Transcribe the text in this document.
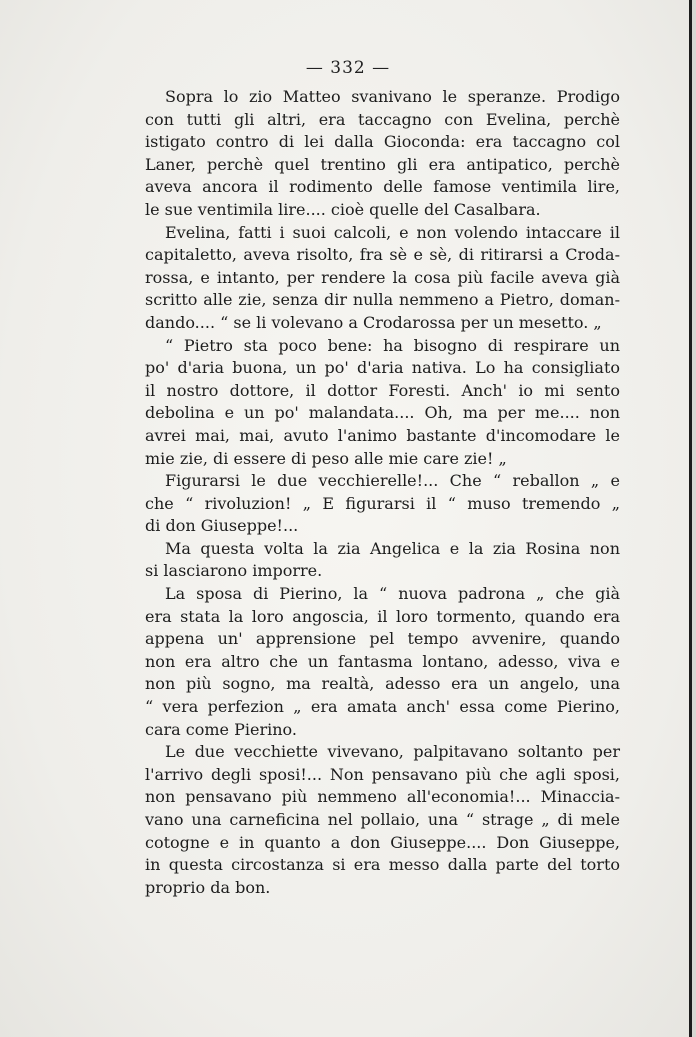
— 332 —

Sopra lo zio Matteo svanivano le speranze. Prodigo
con tutti gli altri, era taccagno con Evelina, perchè
istigato contro di lei dalla Gioconda: era taccagno col
Laner, perchè quel trentino gli era antipatico, perchè
aveva ancora il rodimento delle famose ventimila lire,
le sue ventimila lire.... cioè quelle del Casalbara.

Evelina, fatti i suoi calcoli, e non volendo intaccare il
capitaletto, aveva risolto, fra sè e sè, di ritirarsi a Croda-
rossa, e intanto, per rendere la cosa più facile aveva già
scritto alle zie, senza dir nulla nemmeno a Pietro, doman-
dando.... “ se li volevano a Crodarossa per un mesetto. „

“ Pietro sta poco bene: ha bisogno di respirare un
po' d'aria buona, un po' d'aria nativa. Lo ha consigliato
il nostro dottore, il dottor Foresti. Anch' io mi sento
debolina e un po' malandata.... Oh, ma per me.... non
avrei mai, mai, avuto l'animo bastante d'incomodare le
mie zie, di essere di peso alle mie care zie! „

Figurarsi le due vecchierelle!... Che “ reballon „ e
che “ rivoluzion! „ E figurarsi il “ muso tremendo „
di don Giuseppe!...

Ma questa volta la zia Angelica e la zia Rosina non
si lasciarono imporre.

La sposa di Pierino, la “ nuova padrona „ che già
era stata la loro angoscia, il loro tormento, quando era
appena un' apprensione pel tempo avvenire, quando
non era altro che un fantasma lontano, adesso, viva e
non più sogno, ma realtà, adesso era un angelo, una
“ vera perfezion „ era amata anch' essa come Pierino,
cara come Pierino.

Le due vecchiette vivevano, palpitavano soltanto per
l'arrivo degli sposi!... Non pensavano più che agli sposi,
non pensavano più nemmeno all'economia!... Minaccia-
vano una carneficina nel pollaio, una “ strage „ di mele
cotogne e in quanto a don Giuseppe.... Don Giuseppe,
in questa circostanza si era messo dalla parte del torto
proprio da bon.
